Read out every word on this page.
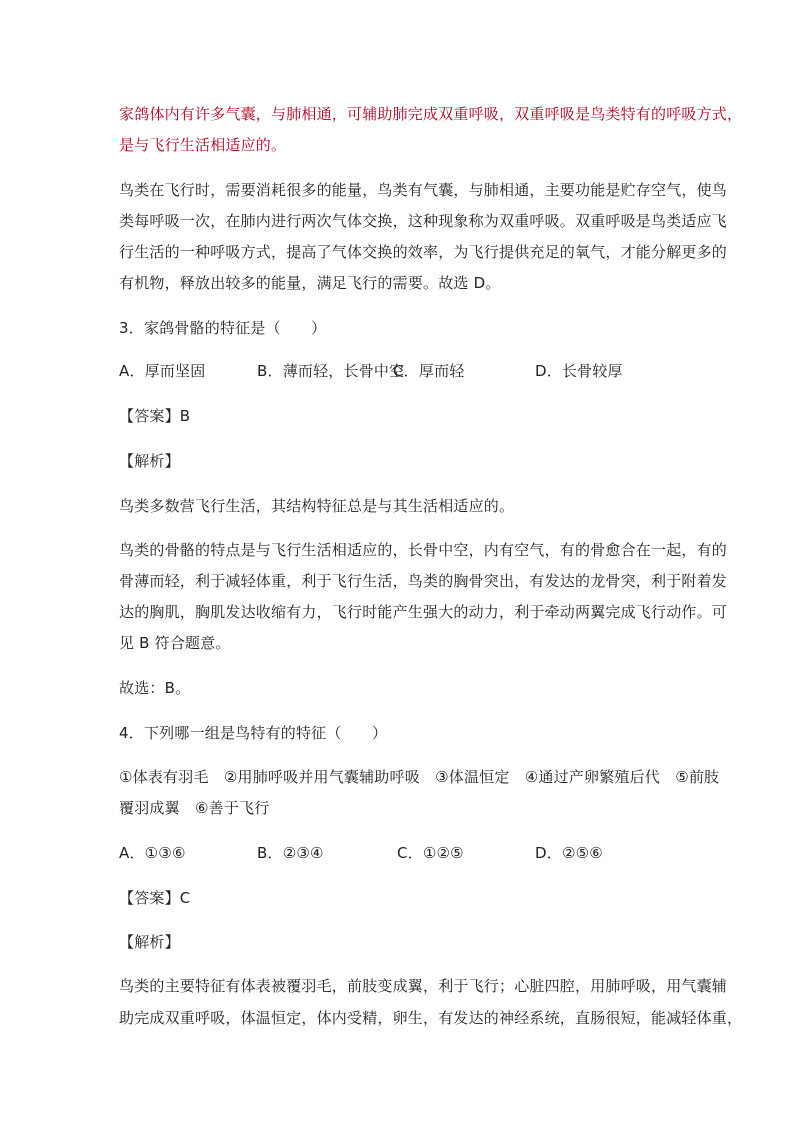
家鸽体内有许多气囊，与肺相通，可辅助肺完成双重呼吸，双重呼吸是鸟类特有的呼吸方式，

是与飞行生活相适应的。

鸟类在飞行时，需要消耗很多的能量，鸟类有气囊，与肺相通，主要功能是贮存空气，使鸟

类每呼吸一次，在肺内进行两次气体交换，这种现象称为双重呼吸。双重呼吸是鸟类适应飞

行生活的一种呼吸方式，提高了气体交换的效率，为飞行提供充足的氧气，才能分解更多的

有机物，释放出较多的能量，满足飞行的需要。故选 D。

3．家鸽骨骼的特征是（　　）

A．厚而坚固	B．薄而轻，长骨中空
C．厚而轻	D．长骨较厚

【答案】B

【解析】

鸟类多数营飞行生活，其结构特征总是与其生活相适应的。

鸟类的骨骼的特点是与飞行生活相适应的，长骨中空，内有空气，有的骨愈合在一起，有的

骨薄而轻，利于减轻体重，利于飞行生活，鸟类的胸骨突出，有发达的龙骨突，利于附着发

达的胸肌，胸肌发达收缩有力，飞行时能产生强大的动力，利于牵动两翼完成飞行动作。可

见 B 符合题意。

故选：B。

4．下列哪一组是鸟特有的特征（　　）

①体表有羽毛　②用肺呼吸并用气囊辅助呼吸　③体温恒定　④通过产卵繁殖后代　⑤前肢

覆羽成翼　⑥善于飞行

A．①③⑥	B．②③④	C．①②⑤	D．②⑤⑥

【答案】C

【解析】

鸟类的主要特征有体表被覆羽毛，前肢变成翼，利于飞行；心脏四腔，用肺呼吸，用气囊辅

助完成双重呼吸，体温恒定，体内受精，卵生，有发达的神经系统，直肠很短，能减轻体重，
